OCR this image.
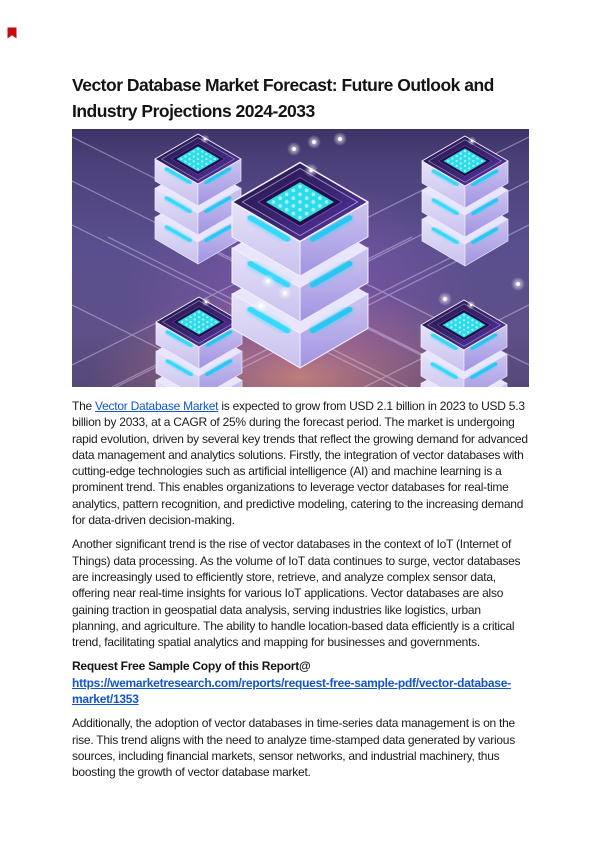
Vector Database Market Forecast: Future Outlook and
Industry Projections 2024-2033

The Vector Database Market is expected to grow from USD 2.1 billion in 2023 to USD 5.3 billion by 2033, at a CAGR of 25% during the forecast period. The market is undergoing rapid evolution, driven by several key trends that reflect the growing demand for advanced data management and analytics solutions. Firstly, the integration of vector databases with cutting-edge technologies such as artificial intelligence (AI) and machine learning is a prominent trend. This enables organizations to leverage vector databases for real-time analytics, pattern recognition, and predictive modeling, catering to the increasing demand for data-driven decision-making.

Another significant trend is the rise of vector databases in the context of IoT (Internet of Things) data processing. As the volume of IoT data continues to surge, vector databases are increasingly used to efficiently store, retrieve, and analyze complex sensor data, offering near real-time insights for various IoT applications. Vector databases are also gaining traction in geospatial data analysis, serving industries like logistics, urban planning, and agriculture. The ability to handle location-based data efficiently is a critical trend, facilitating spatial analytics and mapping for businesses and governments.

Request Free Sample Copy of this Report@
https://wemarketresearch.com/reports/request-free-sample-pdf/vector-database-market/1353

Additionally, the adoption of vector databases in time-series data management is on the rise. This trend aligns with the need to analyze time-stamped data generated by various sources, including financial markets, sensor networks, and industrial machinery, thus boosting the growth of vector database market.
